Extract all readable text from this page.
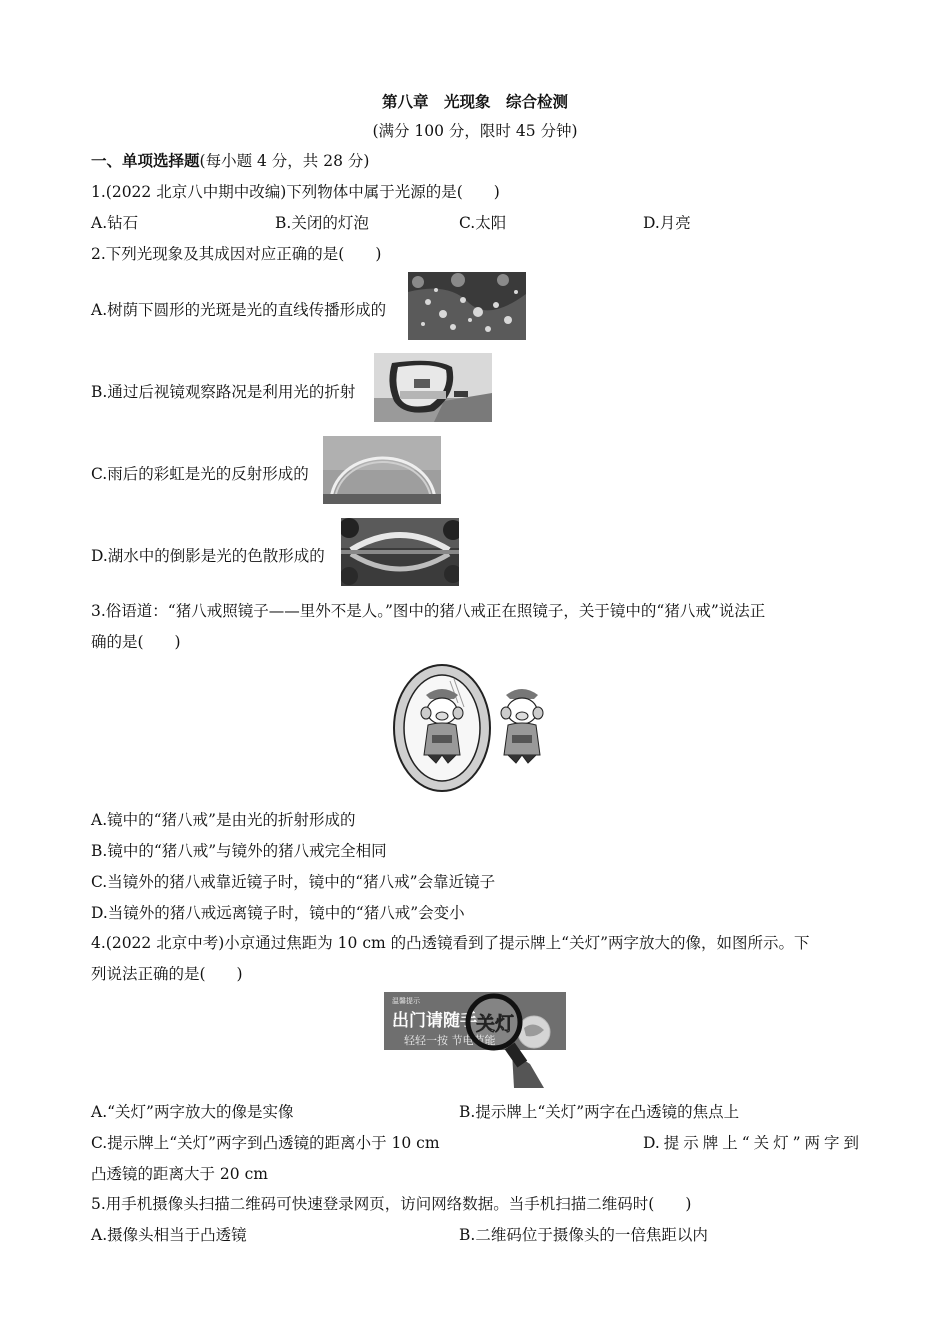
第八章　光现象　综合检测
(满分 100 分，限时 45 分钟)
一、单项选择题(每小题 4 分，共 28 分)
1.(2022 北京八中期中改编)下列物体中属于光源的是(　　)
A.钻石	B.关闭的灯泡	C.太阳	D.月亮
2.下列光现象及其成因对应正确的是(　　)
A.树荫下圆形的光斑是光的直线传播形成的
B.通过后视镜观察路况是利用光的折射
C.雨后的彩虹是光的反射形成的
D.湖水中的倒影是光的色散形成的
3.俗语道：“猪八戒照镜子——里外不是人。”图中的猪八戒正在照镜子，关于镜中的“猪八戒”说法正
确的是(　　)
A.镜中的“猪八戒”是由光的折射形成的
B.镜中的“猪八戒”与镜外的猪八戒完全相同
C.当镜外的猪八戒靠近镜子时，镜中的“猪八戒”会靠近镜子
D.当镜外的猪八戒远离镜子时，镜中的“猪八戒”会变小
4.(2022 北京中考)小京通过焦距为 10 cm 的凸透镜看到了提示牌上“关灯”两字放大的像，如图所示。下
列说法正确的是(　　)
温馨提示
出门请随手
轻轻一按 节电节能
关灯
A.“关灯”两字放大的像是实像	B.提示牌上“关灯”两字在凸透镜的焦点上
C.提示牌上“关灯”两字到凸透镜的距离小于 10 cm	D.提示牌上“关灯”两字到
凸透镜的距离大于 20 cm
5.用手机摄像头扫描二维码可快速登录网页，访问网络数据。当手机扫描二维码时(　　)
A.摄像头相当于凸透镜	B.二维码位于摄像头的一倍焦距以内
